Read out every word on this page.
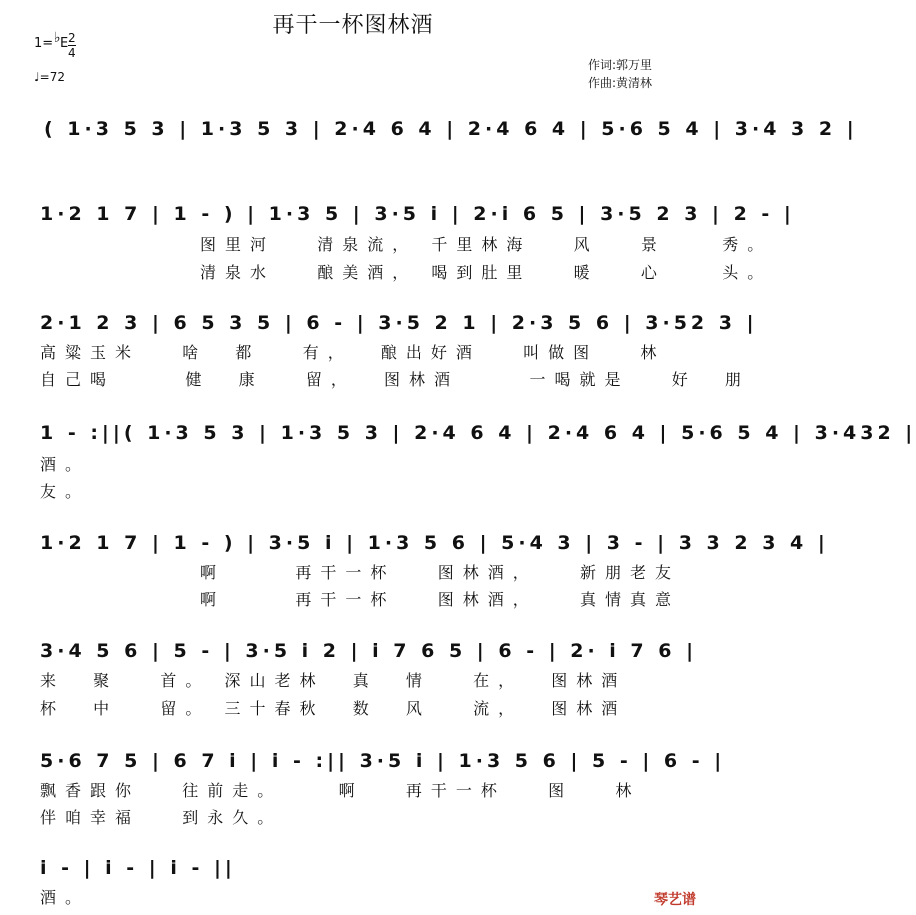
再干一杯图林酒
1= ♭ E $\frac{2}{4}$
♩=72
作词:郭万里
作曲:黄清林
( 1·3 5 3 | 1·3 5 3 | 2·4 6 4 | 2·4 6 4 | 5·6 5 4 | 3·4 3 2 |
1·2 1 7 | 1 - ) | 1·3 5 | 3·5 i | 2·i 6 5 | 3·5 2 3 | 2 - |
图里河   清泉流， 千里林海   风   景    秀。
清泉水   酿美酒， 喝到肚里   暖   心    头。
2·1 2 3 | 6 5 3 5 | 6 - | 3·5 2 1 | 2·3 5 6 | 3·52 3 |
高粱玉米   啥  都   有，  酿出好酒   叫做图   林
自己喝     健  康   留，  图林酒     一喝就是   好  朋
1 - :||( 1·3 5 3 | 1·3 5 3 | 2·4 6 4 | 2·4 6 4 | 5·6 5 4 | 3·432 |
酒。
友。
1·2 1 7 | 1 - ) | 3·5 i | 1·3 5 6 | 5·4 3 | 3 - | 3 3 2 3 4 |
啊     再干一杯   图林酒，   新朋老友
啊     再干一杯   图林酒，   真情真意
3·4 5 6 | 5 - | 3·5 i 2 | i 7 6 5 | 6 - | 2· i 7 6 |
来  聚   首。 深山老林  真  情   在，  图林酒
杯  中   留。 三十春秋  数  风   流，  图林酒
5·6 7 5 | 6 7 i | i - :|| 3·5 i | 1·3 5 6 | 5 - | 6 - |
飘香跟你   往前走。    啊   再干一杯   图   林
伴咱幸福   到永久。
i - | i - | i - ||
酒。	琴艺谱
